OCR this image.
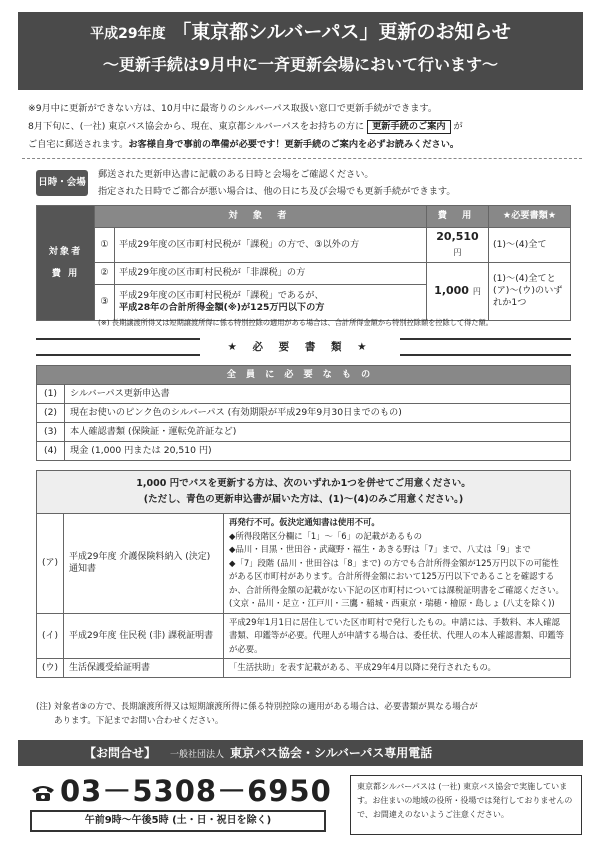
平成29年度 「東京都シルバーパス」更新のお知らせ
～更新手続は9月中に一斉更新会場において行います～
※9月中に更新ができない方は、10月中に最寄りのシルバーパス取扱い窓口で更新手続ができます。
8月下旬に、(一社) 東京バス協会から、現在、東京都シルバーパスをお持ちの方に 更新手続のご案内 が
ご自宅に郵送されます。お客様自身で事前の準備が必要です！更新手続のご案内を必ずお読みください。
日時・会場
郵送された更新申込書に記載のある日時と会場をご確認ください。
指定された日時でご都合が悪い場合は、他の日にち及び会場でも更新手続ができます。
対象者
費 用	対 象 者		費 用	★必要書類★
	①	平成29年度の区市町村民税が「課税」の方で、③以外の方	20,510 円	(1)～(4)全て
	②	平成29年度の区市町村民税が「非課税」の方	1,000 円	(1)～(4)全てと(ア)～(ウ)のいずれか1つ
	③	平成29年度の区市町村民税が「課税」であるが、
平成28年の合計所得金額(※)が125万円以下の方		
(※) 長期譲渡所得又は短期譲渡所得に係る特別控除の適用がある場合は、合計所得金額から特別控除額を控除して得た額。
★ 必 要 書 類 ★
全員に必要なもの	
(1)	シルバーパス更新申込書
(2)	現在お使いのピンク色のシルバーパス (有効期限が平成29年9月30日までのもの)
(3)	本人確認書類 (保険証・運転免許証など)
(4)	現金 (1,000 円または 20,510 円)
1,000 円でパスを更新する方は、次のいずれか1つを併せてご用意ください。
(ただし、青色の更新申込書が届いた方は、(1)～(4)のみご用意ください。)		

(ア)	平成29年度 介護保険料納入 (決定) 通知書	再発行不可。仮決定通知書は使用不可。
◆所得段階区分欄に「1」～「6」の記載があるもの
◆品川・目黒・世田谷・武蔵野・福生・あきる野は「7」まで、八丈は「9」まで
◆「7」段階 (品川・世田谷は「8」まで) の方でも合計所得金額が125万円以下の可能性がある区市町村があります。合計所得金額において125万円以下であることを確認するか、合計所得金額の記載がない下記の区市町村については課税証明書をご確認ください。(文京・品川・足立・江戸川・三鷹・稲城・西東京・瑞穂・檜原・島しょ (八丈を除く))

(イ)	平成29年度 住民税 (非) 課税証明書	平成29年1月1日に居住していた区市町村で発行したもの。申請には、手数料、本人確認書類、印鑑等が必要。代理人が申請する場合は、委任状、代理人の本人確認書類、印鑑等が必要。
(ウ)	生活保護受給証明書	「生活扶助」を表す記載がある、平成29年4月以降に発行されたもの。
(注) 対象者③の方で、長期譲渡所得又は短期譲渡所得に係る特別控除の適用がある場合は、必要書類が異なる場合が
あります。下記までお問い合わせください。
【お問合せ】 一般社団法人 東京バス協会・シルバーパス専用電話
03－5308－6950
午前9時～午後5時 (土・日・祝日を除く)
東京都シルバーパスは (一社) 東京バス協会で実施しています。お住まいの地域の役所・役場では発行しておりませんので、お間違えのないようご注意ください。
